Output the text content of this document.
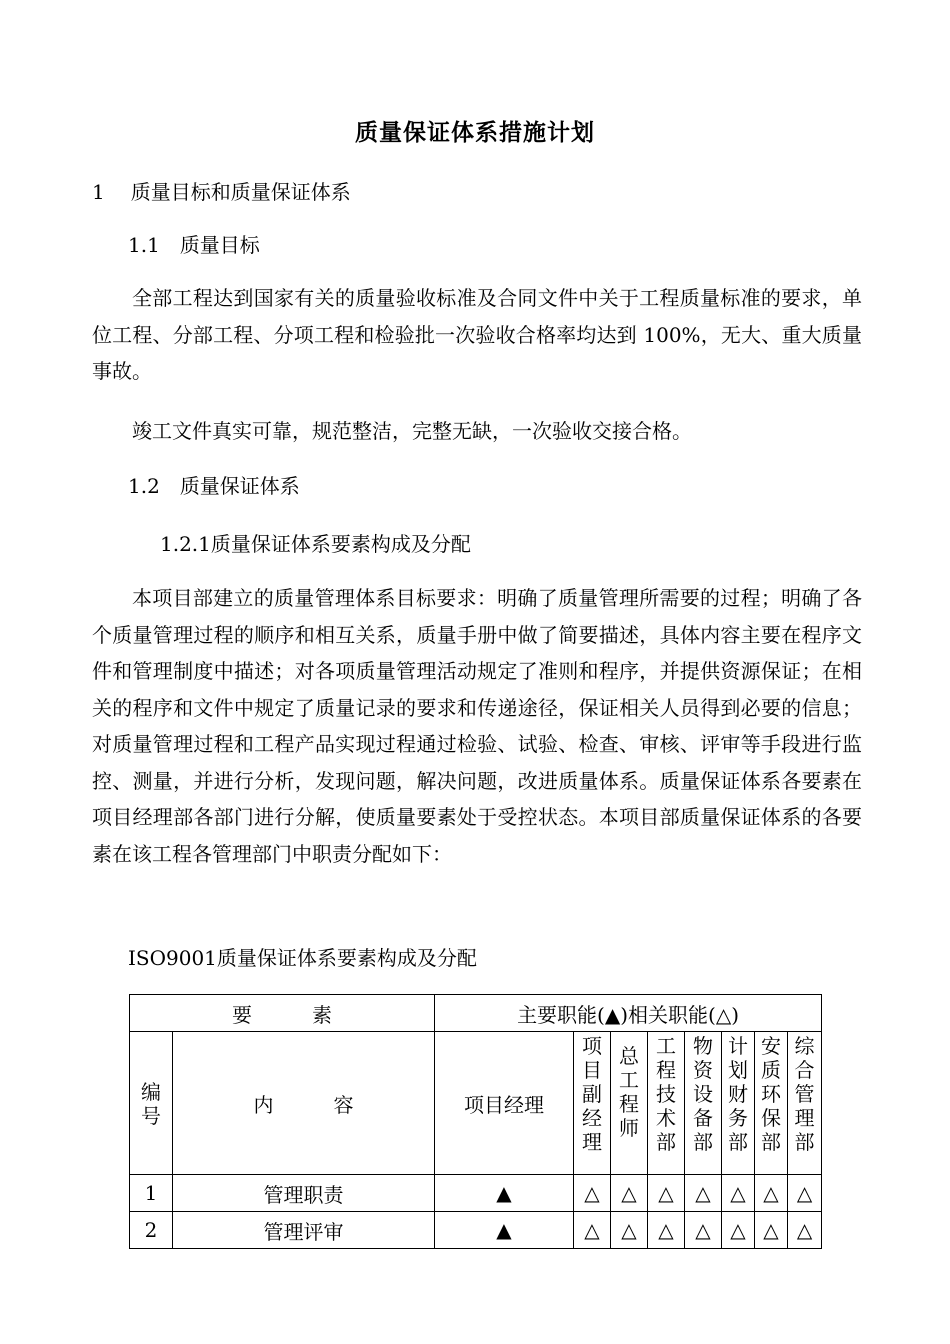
质量保证体系措施计划
1 质量目标和质量保证体系
1.1 质量目标
全部工程达到国家有关的质量验收标准及合同文件中关于工程质量标准的要求，单位工程、分部工程、分项工程和检验批一次验收合格率均达到 100%，无大、重大质量事故。
竣工文件真实可靠，规范整洁，完整无缺，一次验收交接合格。
1.2 质量保证体系
1.2.1质量保证体系要素构成及分配
本项目部建立的质量管理体系目标要求：明确了质量管理所需要的过程；明确了各个质量管理过程的顺序和相互关系，质量手册中做了简要描述，具体内容主要在程序文件和管理制度中描述；对各项质量管理活动规定了准则和程序，并提供资源保证；在相关的程序和文件中规定了质量记录的要求和传递途径，保证相关人员得到必要的信息；对质量管理过程和工程产品实现过程通过检验、试验、检查、审核、评审等手段进行监控、测量，并进行分析，发现问题，解决问题，改进质量体系。质量保证体系各要素在项目经理部各部门进行分解，使质量要素处于受控状态。本项目部质量保证体系的各要素在该工程各管理部门中职责分配如下：
ISO9001质量保证体系要素构成及分配
要　　　素		主要职能(▲)相关职能(△)							

编号	内　　　容	项目经理	项目副经理	总工程师	工程技术部	物资设备部	计划财务部	安质环保部	综合管理部

1	管理职责	▲	△	△	△	△	△	△	△
2	管理评审	▲	△	△	△	△	△	△	△
